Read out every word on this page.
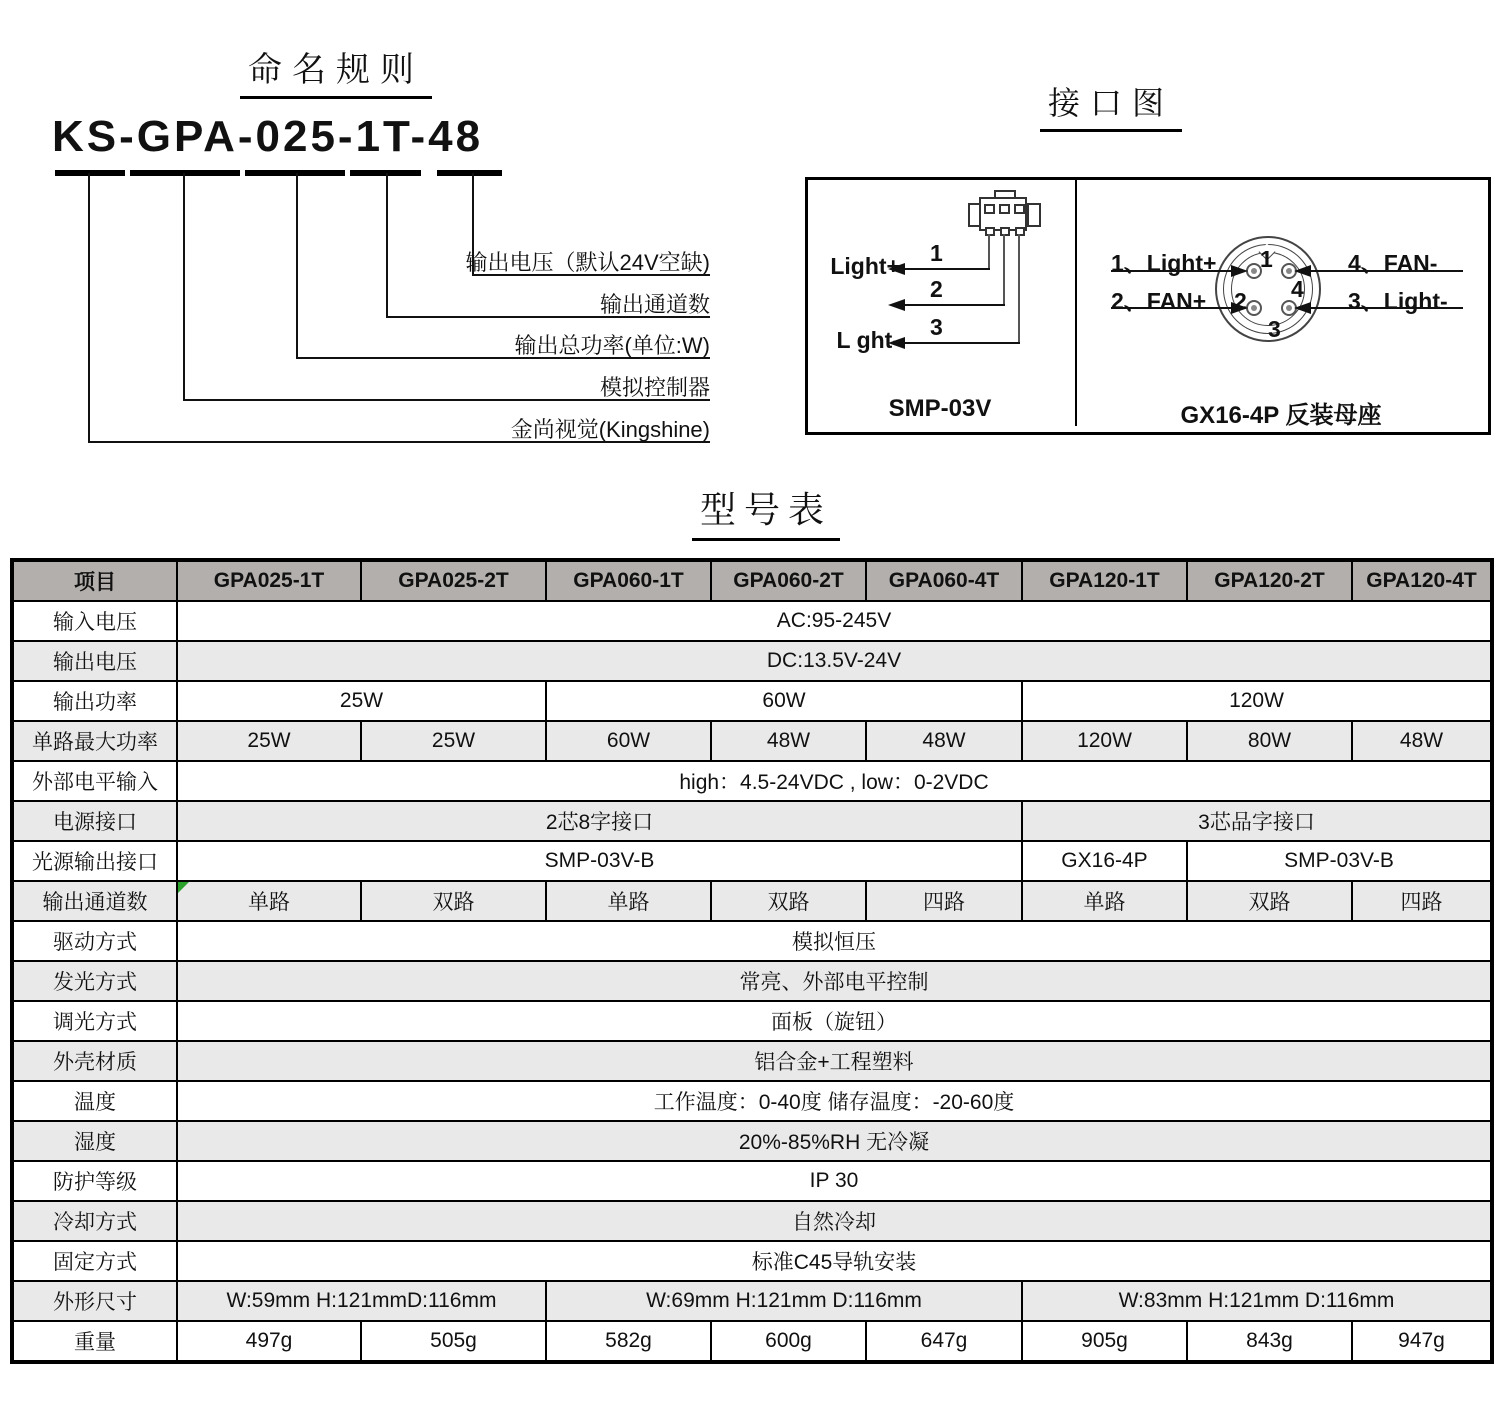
命名规则
KS-GPA-025-1T-48
输出电压（默认24V空缺)
输出通道数
输出总功率(单位:W)
模拟控制器
金尚视觉(Kingshine)
接口图
1
2
3
Light+
L ght-
SMP-03V
1
4
2
3
1、Light+
2、FAN+
4、FAN-
3、Light-
GX16-4P 反装母座
型号表
项目	GPA025-1T	GPA025-2T	GPA060-1T	GPA060-2T	GPA060-4T	GPA120-1T	GPA120-2T	GPA120-4T
输入电压	AC:95-245V							
输出电压	DC:13.5V-24V							
输出功率	25W		60W			120W		
单路最大功率	25W	25W	60W	48W	48W	120W	80W	48W
外部电平输入	high：4.5-24VDC , low：0-2VDC							
电源接口	2芯8字接口					3芯品字接口		
光源输出接口	SMP-03V-B					GX16-4P	SMP-03V-B	
输出通道数	单路	双路	单路	双路	四路	单路	双路	四路
驱动方式	模拟恒压							
发光方式	常亮、外部电平控制							
调光方式	面板（旋钮）							
外壳材质	铝合金+工程塑料							
温度	工作温度：0-40度 储存温度：-20-60度							
湿度	20%-85%RH 无冷凝							
防护等级	IP 30							
冷却方式	自然冷却							
固定方式	标准C45导轨安装							
外形尺寸	W:59mm H:121mmD:116mm		W:69mm H:121mm D:116mm			W:83mm H:121mm D:116mm		
重量	497g	505g	582g	600g	647g	905g	843g	947g
